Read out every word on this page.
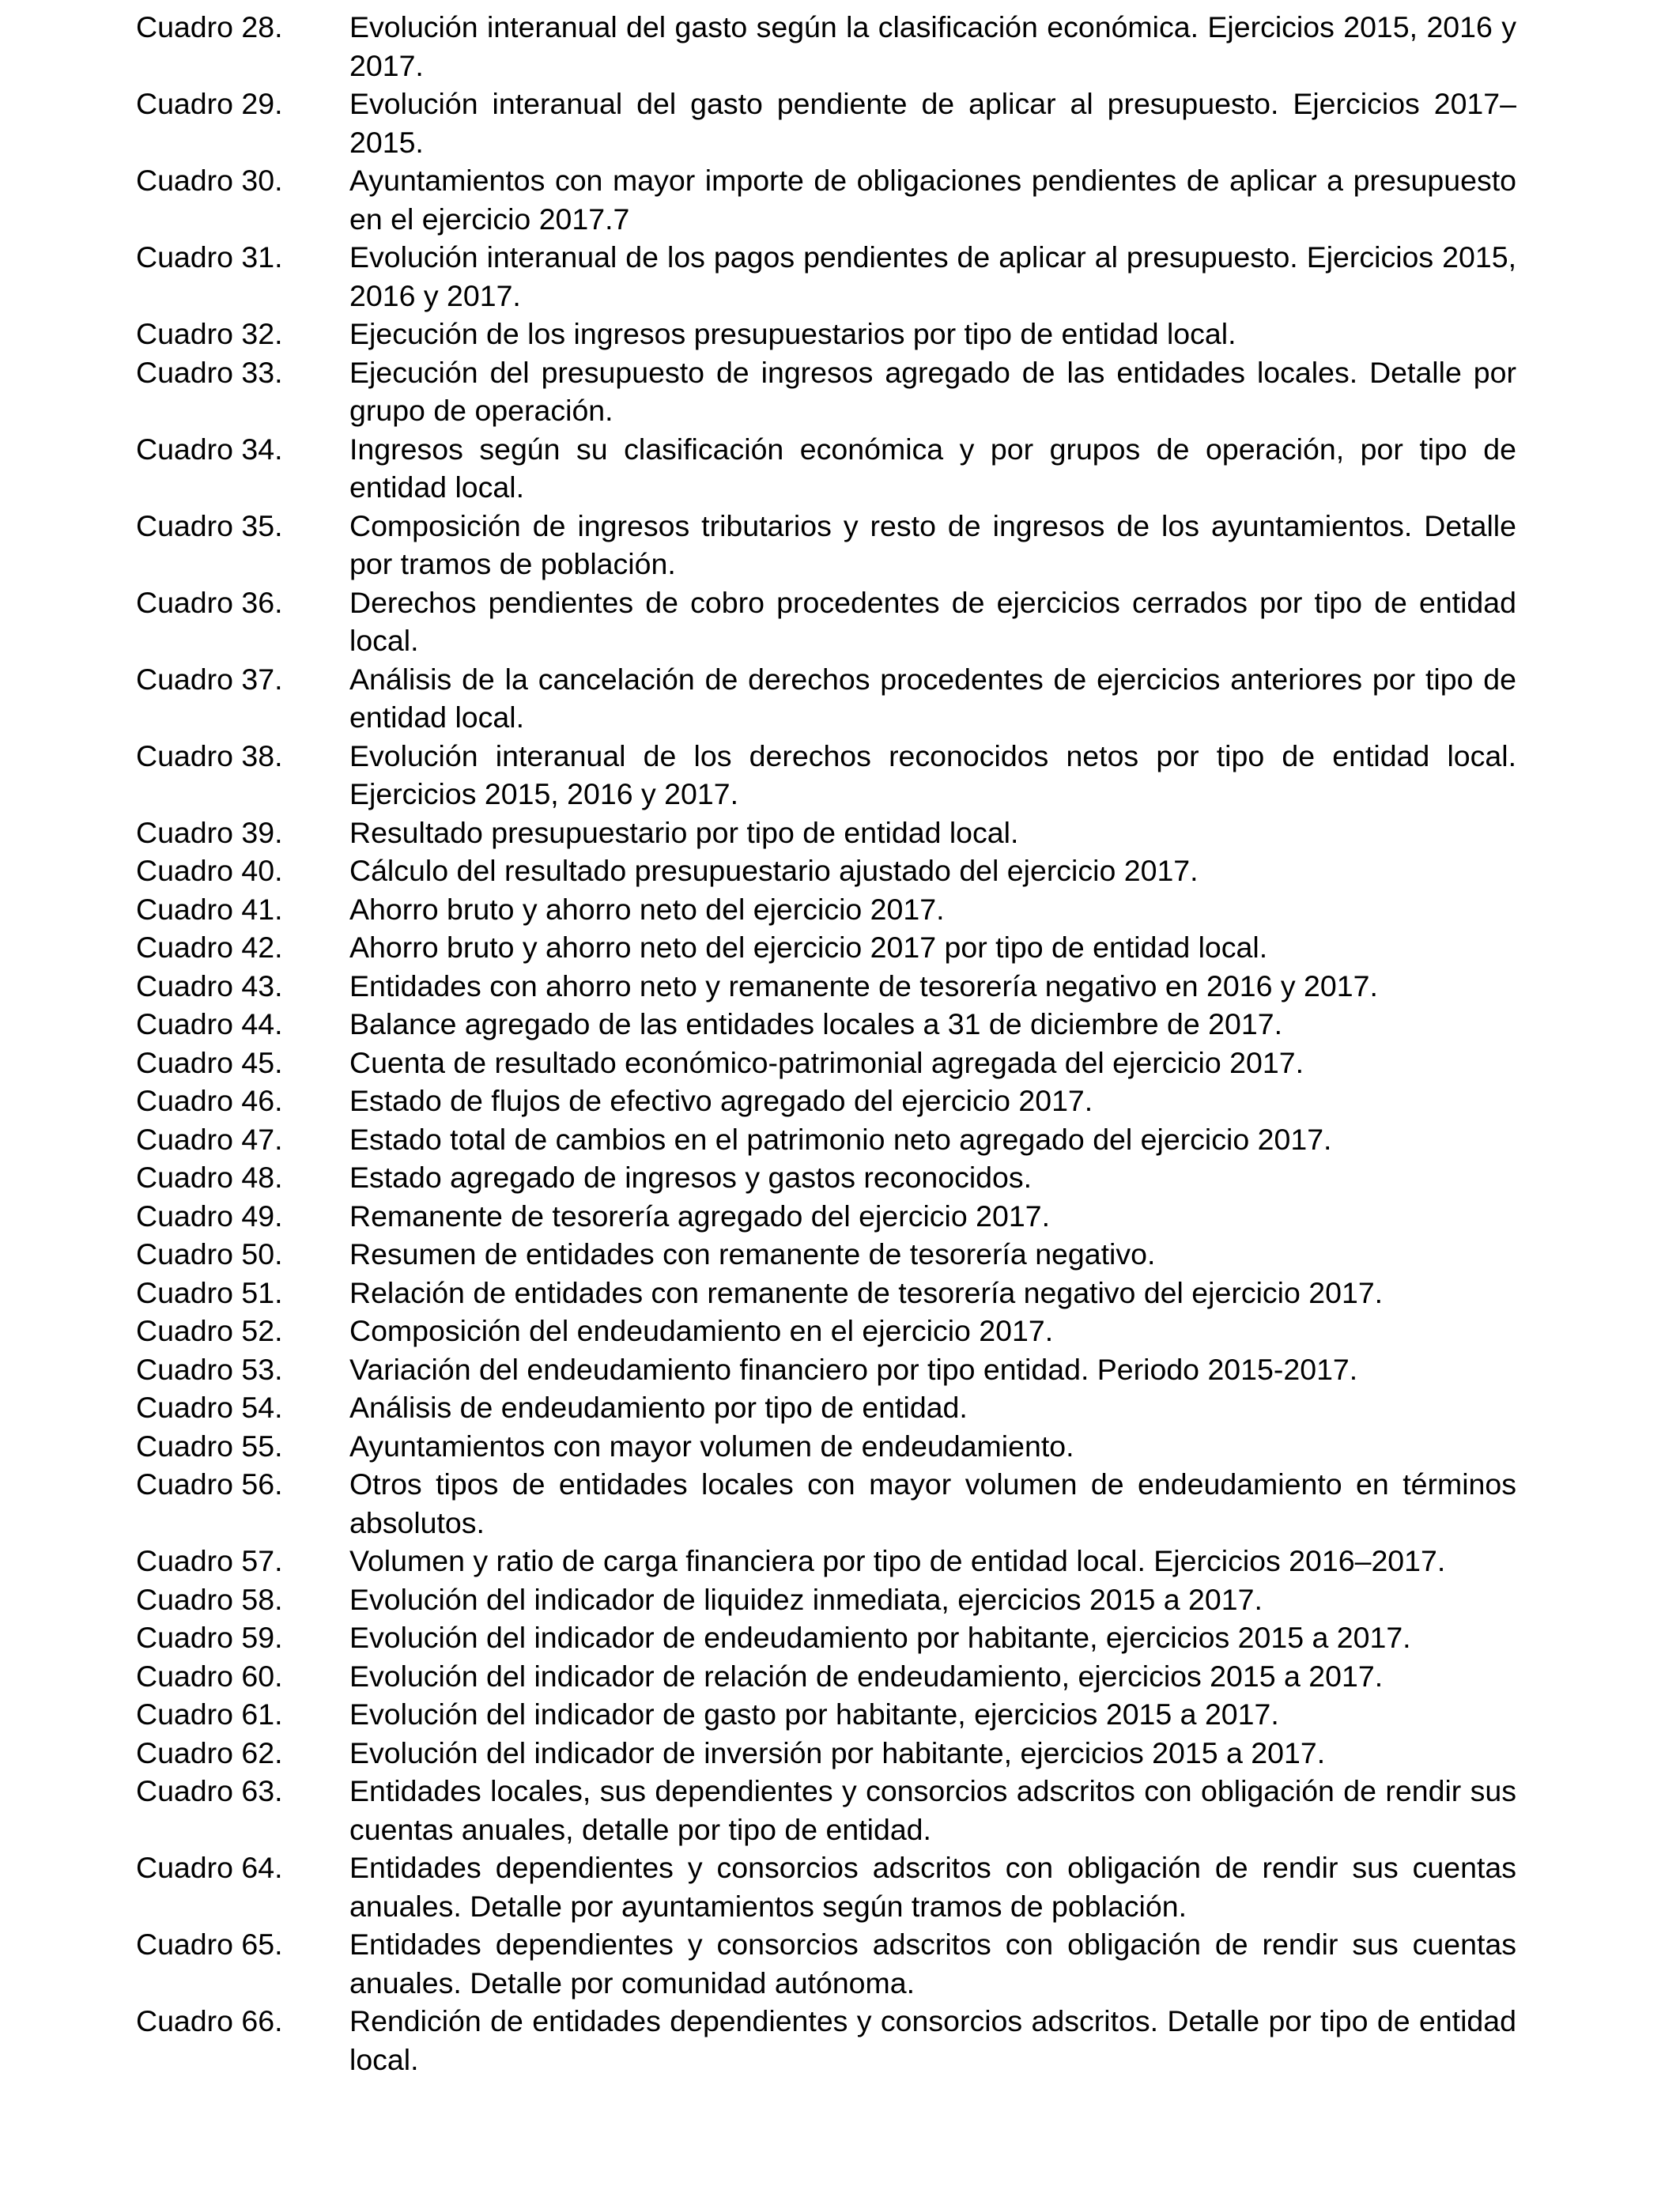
Cuadro 28.	Evolución interanual del gasto según la clasificación económica. Ejercicios 2015, 2016 y 2017.
Cuadro 29.	Evolución interanual del gasto pendiente de aplicar al presupuesto. Ejercicios 2017–2015.
Cuadro 30.	Ayuntamientos con mayor importe de obligaciones pendientes de aplicar a presupuesto en el ejercicio 2017.7
Cuadro 31.	Evolución interanual de los pagos pendientes de aplicar al presupuesto. Ejercicios 2015, 2016 y 2017.
Cuadro 32.	Ejecución de los ingresos presupuestarios por tipo de entidad local.
Cuadro 33.	Ejecución del presupuesto de ingresos agregado de las entidades locales. Detalle por grupo de operación.
Cuadro 34.	Ingresos según su clasificación económica y por grupos de operación, por tipo de entidad local.
Cuadro 35.	Composición de ingresos tributarios y resto de ingresos de los ayuntamientos. Detalle por tramos de población.
Cuadro 36.	Derechos pendientes de cobro procedentes de ejercicios cerrados por tipo de entidad local.
Cuadro 37.	Análisis de la cancelación de derechos procedentes de ejercicios anteriores por tipo de entidad local.
Cuadro 38.	Evolución interanual de los derechos reconocidos netos por tipo de entidad local. Ejercicios 2015, 2016 y 2017.
Cuadro 39.	Resultado presupuestario por tipo de entidad local.
Cuadro 40.	Cálculo del resultado presupuestario ajustado del ejercicio 2017.
Cuadro 41.	Ahorro bruto y ahorro neto del ejercicio 2017.
Cuadro 42.	Ahorro bruto y ahorro neto del ejercicio 2017 por tipo de entidad local.
Cuadro 43.	Entidades con ahorro neto y remanente de tesorería negativo en 2016 y 2017.
Cuadro 44.	Balance agregado de las entidades locales a 31 de diciembre de 2017.
Cuadro 45.	Cuenta de resultado económico-patrimonial agregada del ejercicio 2017.
Cuadro 46.	Estado de flujos de efectivo agregado del ejercicio 2017.
Cuadro 47.	Estado total de cambios en el patrimonio neto agregado del ejercicio 2017.
Cuadro 48.	Estado agregado de ingresos y gastos reconocidos.
Cuadro 49.	Remanente de tesorería agregado del ejercicio 2017.
Cuadro 50.	Resumen de entidades con remanente de tesorería negativo.
Cuadro 51.	Relación de entidades con remanente de tesorería negativo del ejercicio 2017.
Cuadro 52.	Composición del endeudamiento en el ejercicio 2017.
Cuadro 53.	Variación del endeudamiento financiero por tipo entidad. Periodo 2015-2017.
Cuadro 54.	Análisis de endeudamiento por tipo de entidad.
Cuadro 55.	Ayuntamientos con mayor volumen de endeudamiento.
Cuadro 56.	Otros tipos de entidades locales con mayor volumen de endeudamiento en términos absolutos.
Cuadro 57.	Volumen y ratio de carga financiera por tipo de entidad local. Ejercicios 2016–2017.
Cuadro 58.	Evolución del indicador de liquidez inmediata, ejercicios 2015 a 2017.
Cuadro 59.	Evolución del indicador de endeudamiento por habitante, ejercicios 2015 a 2017.
Cuadro 60.	Evolución del indicador de relación de endeudamiento, ejercicios 2015 a 2017.
Cuadro 61.	Evolución del indicador de gasto por habitante, ejercicios 2015 a 2017.
Cuadro 62.	Evolución del indicador de inversión por habitante, ejercicios 2015 a 2017.
Cuadro 63.	Entidades locales, sus dependientes y consorcios adscritos con obligación de rendir sus cuentas anuales, detalle por tipo de entidad.
Cuadro 64.	Entidades dependientes y consorcios adscritos con obligación de rendir sus cuentas anuales. Detalle por ayuntamientos según tramos de población.
Cuadro 65.	Entidades dependientes y consorcios adscritos con obligación de rendir sus cuentas anuales. Detalle por comunidad autónoma.
Cuadro 66.	Rendición de entidades dependientes y consorcios adscritos. Detalle por tipo de entidad local.
